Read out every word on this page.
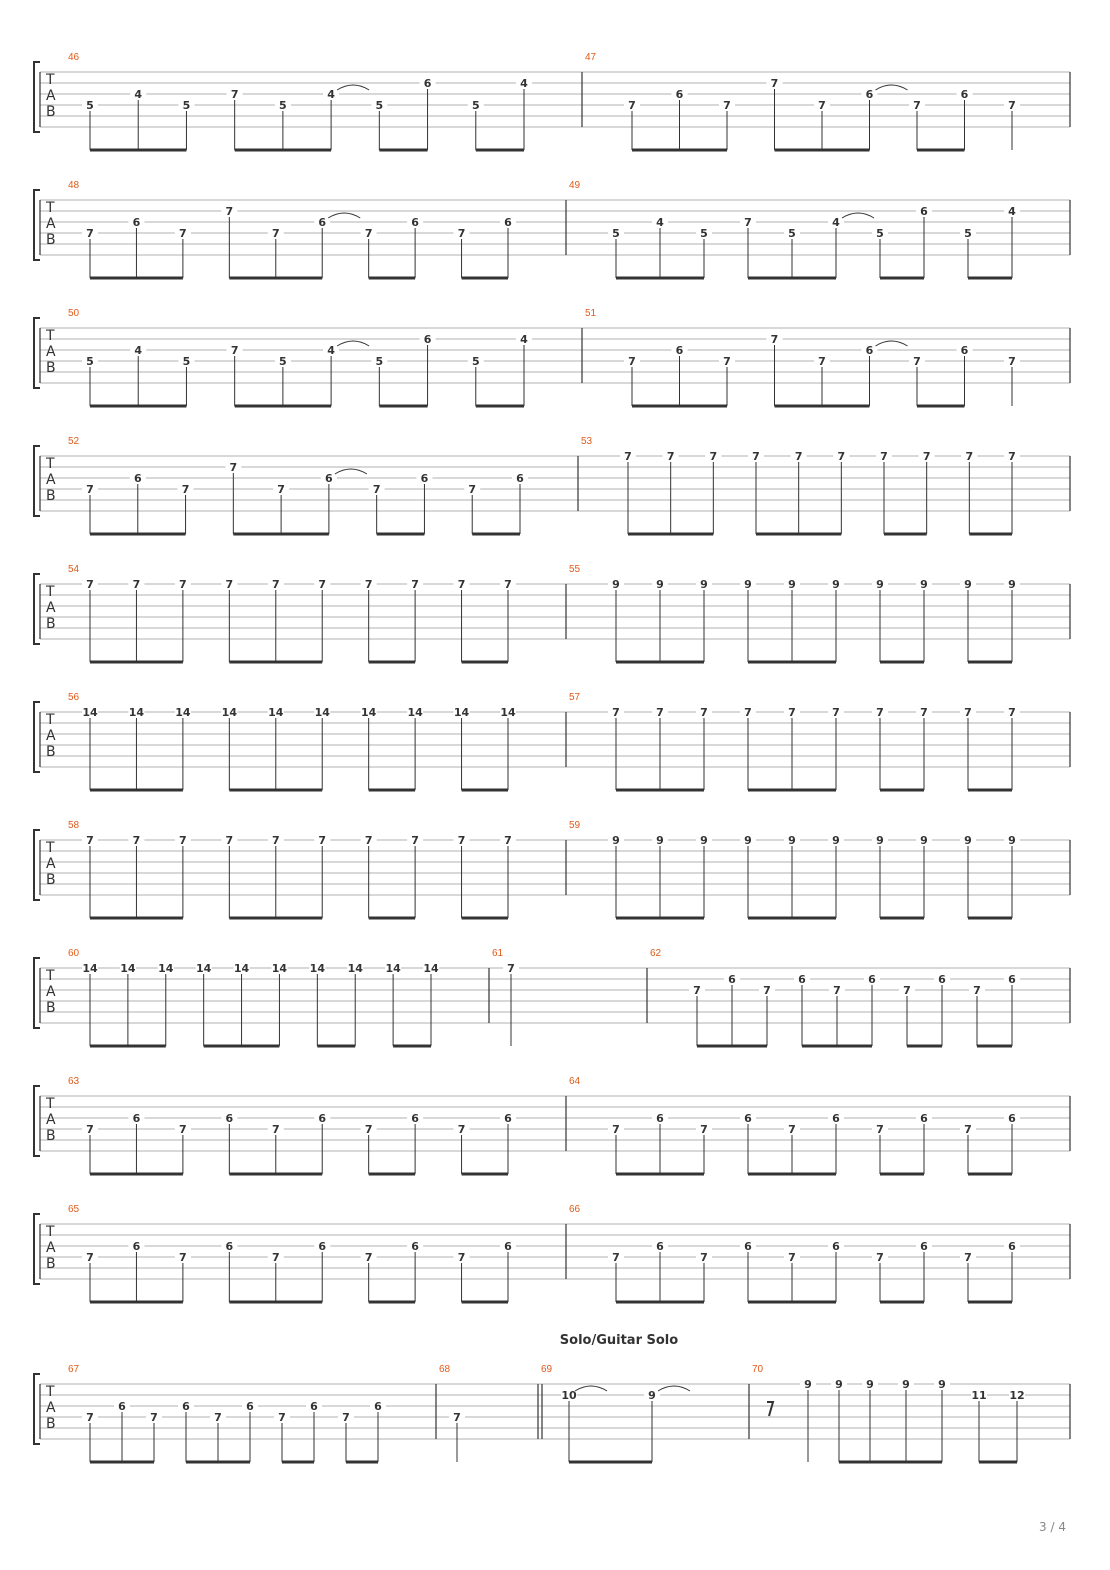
T
A
B
46
5
4
5
7
5
4
5
6
5
4
47
7
6
7
7
7
6
7
6
7
T
A
B
48
7
6
7
7
7
6
7
6
7
6
49
5
4
5
7
5
4
5
6
5
4
T
A
B
50
5
4
5
7
5
4
5
6
5
4
51
7
6
7
7
7
6
7
6
7
T
A
B
52
7
6
7
7
7
6
7
6
7
6
53
7	7	7	7	7	7	7	7	7	7
T
A
B
54
7	7	7	7	7	7	7	7	7	7
55
9	9	9	9	9	9	9	9	9	9
T
A
B
56
14	14	14	14	14	14	14	14	14	14
57
7	7	7	7	7	7	7	7	7	7
T
A
B
58
7	7	7	7	7	7	7	7	7	7
59
9	9	9	9	9	9	9	9	9	9
T
A
B
60
14 14 14 14 14 14 14 14 14 14
61
7
62
7
6
7
6
7
6
7
6
7
6
T
A
B
63
7
6
7
6
7
6
7
6
7
6
64
7
6
7
6
7
6
7
6
7
6
T
A
B
65
7
6
7
6
7
6
7
6
7
6
66
7
6
7
6
7
6
7
6
7
6
T
A
B
67
7
6
7
6
7
6
7
6
7
6
68
7
69
10	9
70
9 9 9	9	9
11 12
Solo/Guitar Solo
3 / 4
